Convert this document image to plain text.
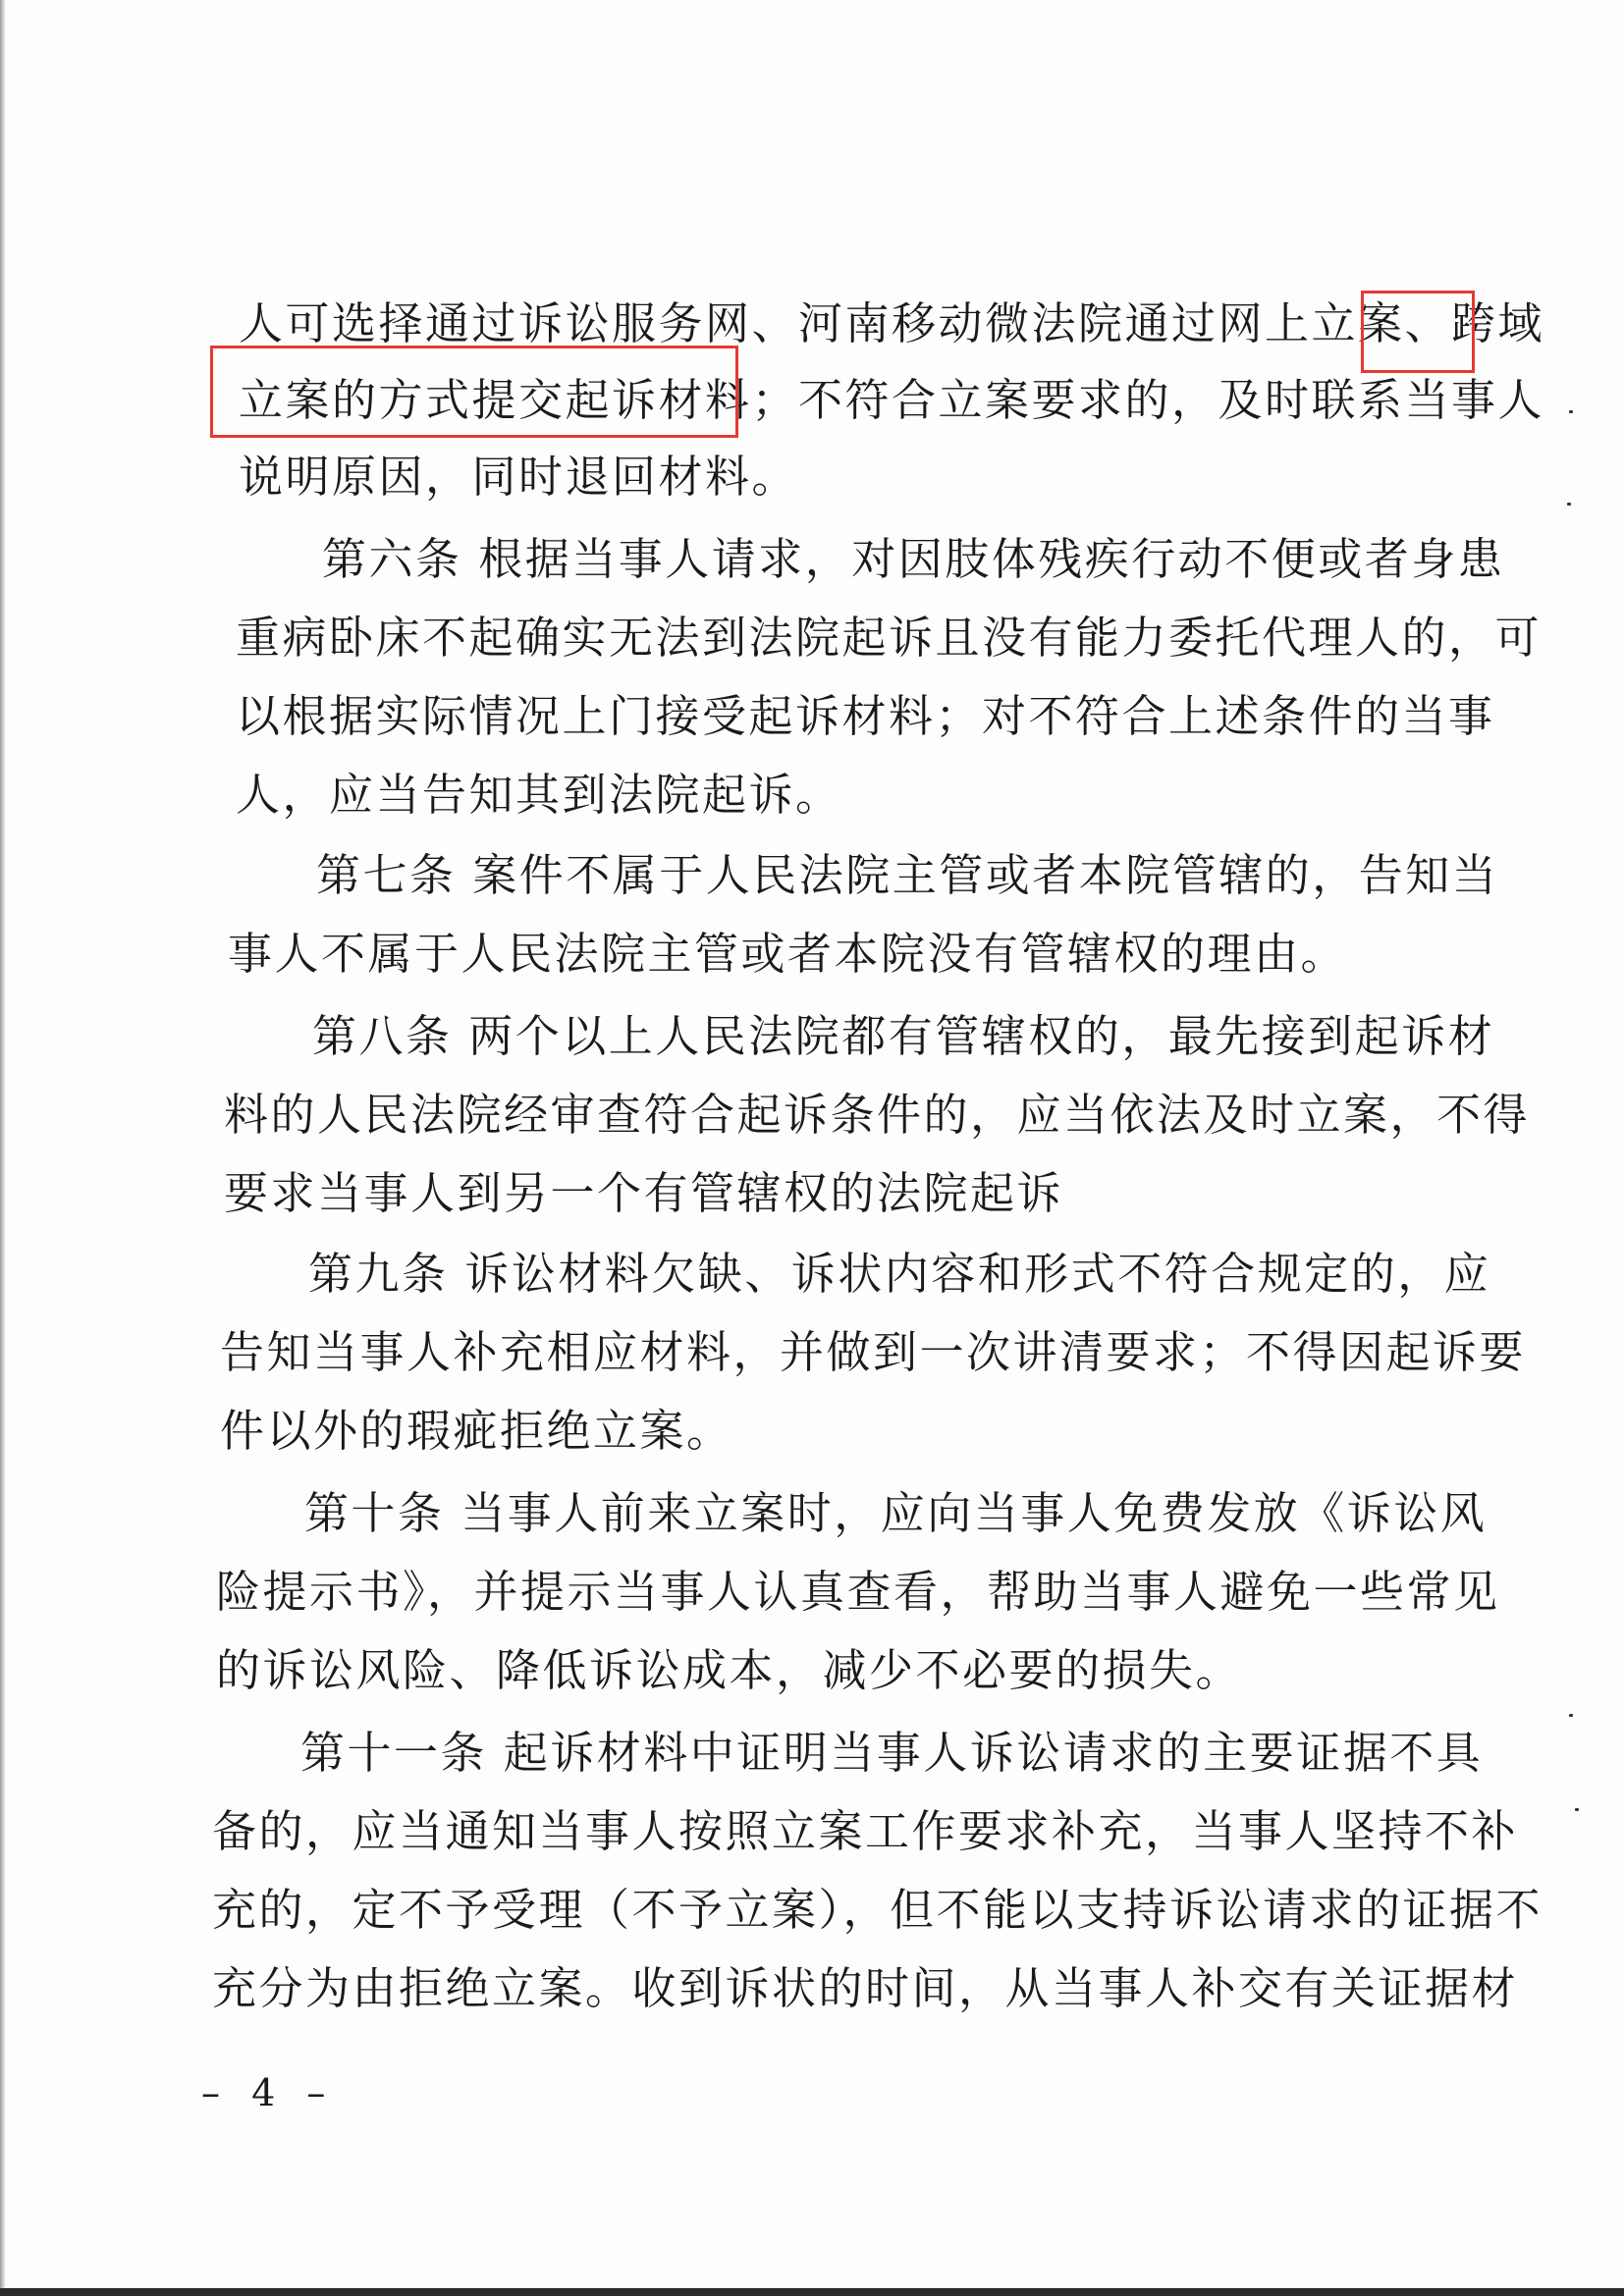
人可选择通过诉讼服务网、河南移动微法院通过网上立案、跨域
立案的方式提交起诉材料；不符合立案要求的，及时联系当事人
说明原因，同时退回材料。
第六条 根据当事人请求，对因肢体残疾行动不便或者身患
重病卧床不起确实无法到法院起诉且没有能力委托代理人的，可
以根据实际情况上门接受起诉材料；对不符合上述条件的当事
人，应当告知其到法院起诉。
第七条 案件不属于人民法院主管或者本院管辖的，告知当
事人不属于人民法院主管或者本院没有管辖权的理由。
第八条 两个以上人民法院都有管辖权的，最先接到起诉材
料的人民法院经审查符合起诉条件的，应当依法及时立案，不得
要求当事人到另一个有管辖权的法院起诉
第九条 诉讼材料欠缺、诉状内容和形式不符合规定的，应
告知当事人补充相应材料，并做到一次讲清要求；不得因起诉要
件以外的瑕疵拒绝立案。
第十条 当事人前来立案时，应向当事人免费发放《诉讼风
险提示书》，并提示当事人认真查看，帮助当事人避免一些常见
的诉讼风险、降低诉讼成本，减少不必要的损失。
第十一条 起诉材料中证明当事人诉讼请求的主要证据不具
备的，应当通知当事人按照立案工作要求补充，当事人坚持不补
充的，定不予受理（不予立案），但不能以支持诉讼请求的证据不
充分为由拒绝立案。收到诉状的时间，从当事人补交有关证据材
– 4 –
